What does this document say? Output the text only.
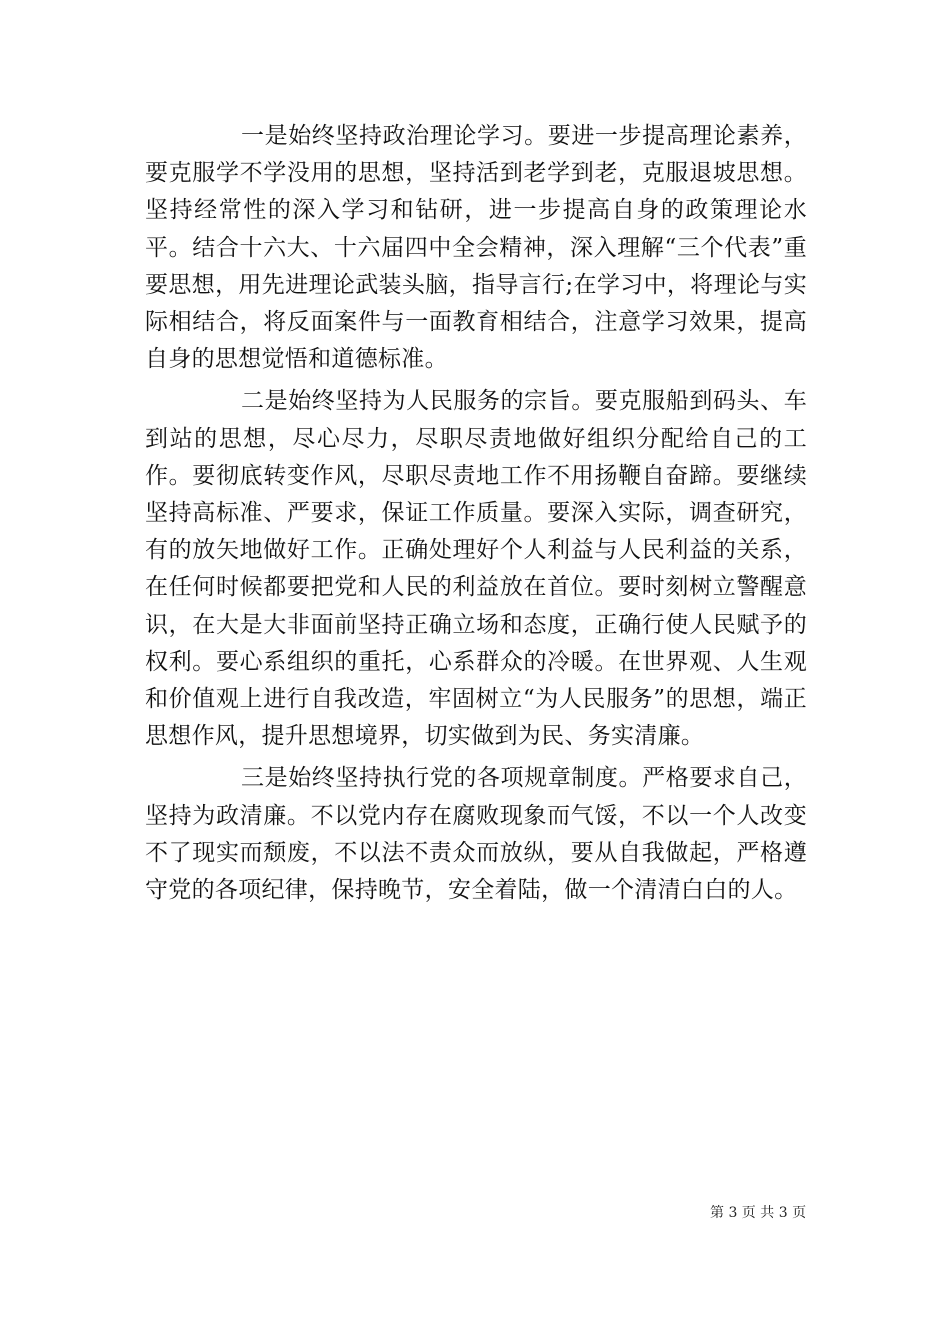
一是始终坚持政治理论学习。要进一步提高理论素养，要克服学不学没用的思想，坚持活到老学到老，克服退坡思想。坚持经常性的深入学习和钻研，进一步提高自身的政策理论水平。结合十六大、十六届四中全会精神，深入理解“三个代表”重要思想，用先进理论武装头脑，指导言行;在学习中，将理论与实际相结合，将反面案件与一面教育相结合，注意学习效果，提高自身的思想觉悟和道德标准。

二是始终坚持为人民服务的宗旨。要克服船到码头、车到站的思想，尽心尽力，尽职尽责地做好组织分配给自己的工作。要彻底转变作风，尽职尽责地工作不用扬鞭自奋蹄。要继续坚持高标准、严要求，保证工作质量。要深入实际，调查研究，有的放矢地做好工作。正确处理好个人利益与人民利益的关系，在任何时候都要把党和人民的利益放在首位。要时刻树立警醒意识，在大是大非面前坚持正确立场和态度，正确行使人民赋予的权利。要心系组织的重托，心系群众的冷暖。在世界观、人生观和价值观上进行自我改造，牢固树立“为人民服务”的思想，端正思想作风，提升思想境界，切实做到为民、务实清廉。

三是始终坚持执行党的各项规章制度。严格要求自己，坚持为政清廉。不以党内存在腐败现象而气馁，不以一个人改变不了现实而颓废，不以法不责众而放纵，要从自我做起，严格遵守党的各项纪律，保持晚节，安全着陆，做一个清清白白的人。

第 3 页 共 3 页
